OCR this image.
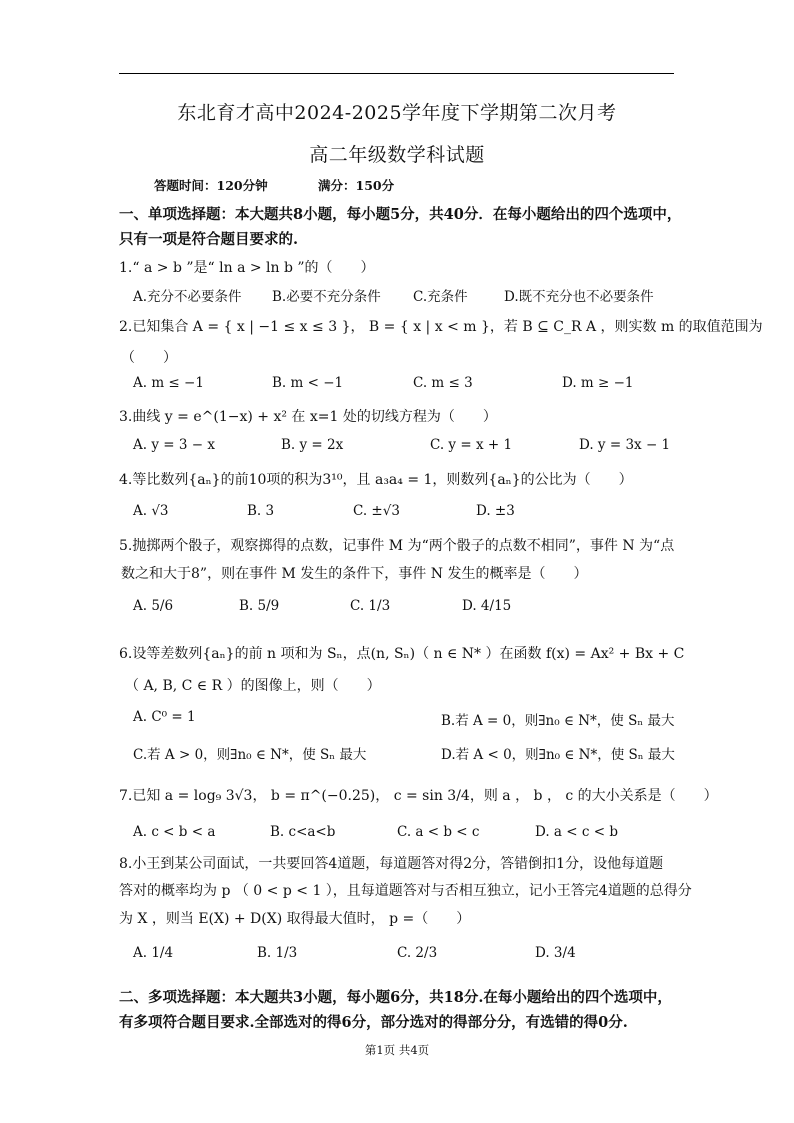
东北育才高中2024-2025学年度下学期第二次月考
高二年级数学科试题
答题时间：120分钟	满分：150分
一、单项选择题：本大题共8小题，每小题5分，共40分．在每小题给出的四个选项中，
只有一项是符合题目要求的.
1.“ a > b ”是“ ln a > ln b ”的（　　）
A.充分不必要条件 B.必要不充分条件 C.充条件	D.既不充分也不必要条件
2.已知集合 A = { x | −1 ≤ x ≤ 3 }， B = { x | x < m }，若 B ⊆ C_R A ，则实数 m 的取值范围为
（　　）
A. m ≤ −1	B. m < −1	C. m ≤ 3	D. m ≥ −1
3.曲线 y = e^(1−x) + x² 在 x=1 处的切线方程为（　　）
A. y = 3 − x	B. y = 2x	C. y = x + 1	D. y = 3x − 1
4.等比数列{aₙ}的前10项的积为3¹⁰，且 a₃a₄ = 1，则数列{aₙ}的公比为（　　）
A. √3	B. 3	C. ±√3	D. ±3
5.抛掷两个骰子，观察掷得的点数，记事件 M 为“两个骰子的点数不相同”，事件 N 为“点
数之和大于8”，则在事件 M 发生的条件下，事件 N 发生的概率是（　　）
A. 5/6	B. 5/9	C. 1/3	D. 4/15
6.设等差数列{aₙ}的前 n 项和为 Sₙ，点(n, Sₙ)（ n ∈ N* ）在函数 f(x) = Ax² + Bx + C
（ A, B, C ∈ R ）的图像上，则（　　）
A. C⁰ = 1	B.若 A = 0，则∃n₀ ∈ N*，使 Sₙ 最大
C.若 A > 0，则∃n₀ ∈ N*，使 Sₙ 最大	D.若 A < 0，则∃n₀ ∈ N*，使 Sₙ 最大
7.已知 a = log₉ 3√3， b = π^(−0.25)， c = sin 3/4，则 a ， b ， c 的大小关系是（　　）
A. c < b < a	B. c<a<b	C. a < b < c	D. a < c < b
8.小王到某公司面试，一共要回答4道题，每道题答对得2分，答错倒扣1分，设他每道题
答对的概率均为 p （ 0 < p < 1 ），且每道题答对与否相互独立，记小王答完4道题的总得分
为 X ，则当 E(X) + D(X) 取得最大值时， p =（　　）
A. 1/4	B. 1/3	C. 2/3	D. 3/4
二、多项选择题：本大题共3小题，每小题6分，共18分.在每小题给出的四个选项中，
有多项符合题目要求.全部选对的得6分，部分选对的得部分分，有选错的得0分.
第1页 共4页
